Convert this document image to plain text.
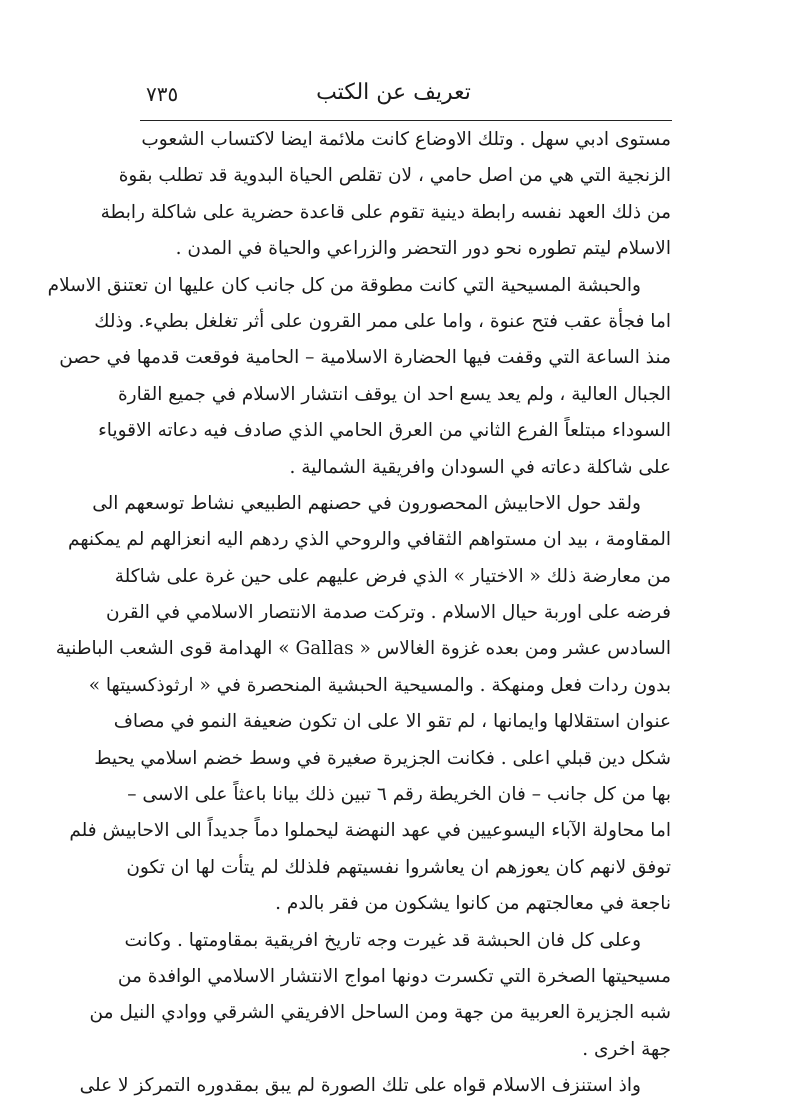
٧٣٥	تعريف عن الكتب
مستوى ادبي سهل . وتلك الاوضاع كانت ملائمة ايضا لاكتساب الشعوب
الزنجية التي هي من اصل حامي ، لان تقلص الحياة البدوية قد تطلب بقوة
من ذلك العهد نفسه رابطة دينية تقوم على قاعدة حضرية على شاكلة رابطة
الاسلام ليتم تطوره نحو دور التحضر والزراعي والحياة في المدن .
والحبشة المسيحية التي كانت مطوقة من كل جانب كان عليها ان تعتنق الاسلام
اما فجأة عقب فتح عنوة ، واما على ممر القرون على أثر تغلغل بطيء. وذلك
منذ الساعة التي وقفت فيها الحضارة الاسلامية – الحامية فوقعت قدمها في حصن
الجبال العالية ، ولم يعد يسع احد ان يوقف انتشار الاسلام في جميع القارة
السوداء مبتلعاً الفرع الثاني من العرق الحامي الذي صادف فيه دعاته الاقوياء
على شاكلة دعاته في السودان وافريقية الشمالية .
ولقد حول الاحابيش المحصورون في حصنهم الطبيعي نشاط توسعهم الى
المقاومة ، بيد ان مستواهم الثقافي والروحي الذي ردهم اليه انعزالهم لم يمكنهم
من معارضة ذلك « الاختيار » الذي فرض عليهم على حين غرة على شاكلة
فرضه على اوربة حيال الاسلام . وتركت صدمة الانتصار الاسلامي في القرن
السادس عشر ومن بعده غزوة الغالاس « Gallas » الهدامة قوى الشعب الباطنية
بدون ردات فعل ومنهكة . والمسيحية الحبشية المنحصرة في « ارثوذكسيتها »
عنوان استقلالها وايمانها ، لم تقو الا على ان تكون ضعيفة النمو في مصاف
شكل دين قبلي اعلى . فكانت الجزيرة صغيرة في وسط خضم اسلامي يحيط
بها من كل جانب – فان الخريطة رقم ٦ تبين ذلك بيانا باعثاً على الاسى –
اما محاولة الآباء اليسوعيين في عهد النهضة ليحملوا دماً جديداً الى الاحابيش فلم
توفق لانهم كان يعوزهم ان يعاشروا نفسيتهم فلذلك لم يتأت لها ان تكون
ناجعة في معالجتهم من كانوا يشكون من فقر بالدم .
وعلى كل فان الحبشة قد غيرت وجه تاريخ افريقية بمقاومتها . وكانت
مسيحيتها الصخرة التي تكسرت دونها امواج الانتشار الاسلامي الوافدة من
شبه الجزيرة العربية من جهة ومن الساحل الافريقي الشرقي ووادي النيل من
جهة اخرى .
واذ استنزف الاسلام قواه على تلك الصورة لم يبق بمقدوره التمركز لا على
